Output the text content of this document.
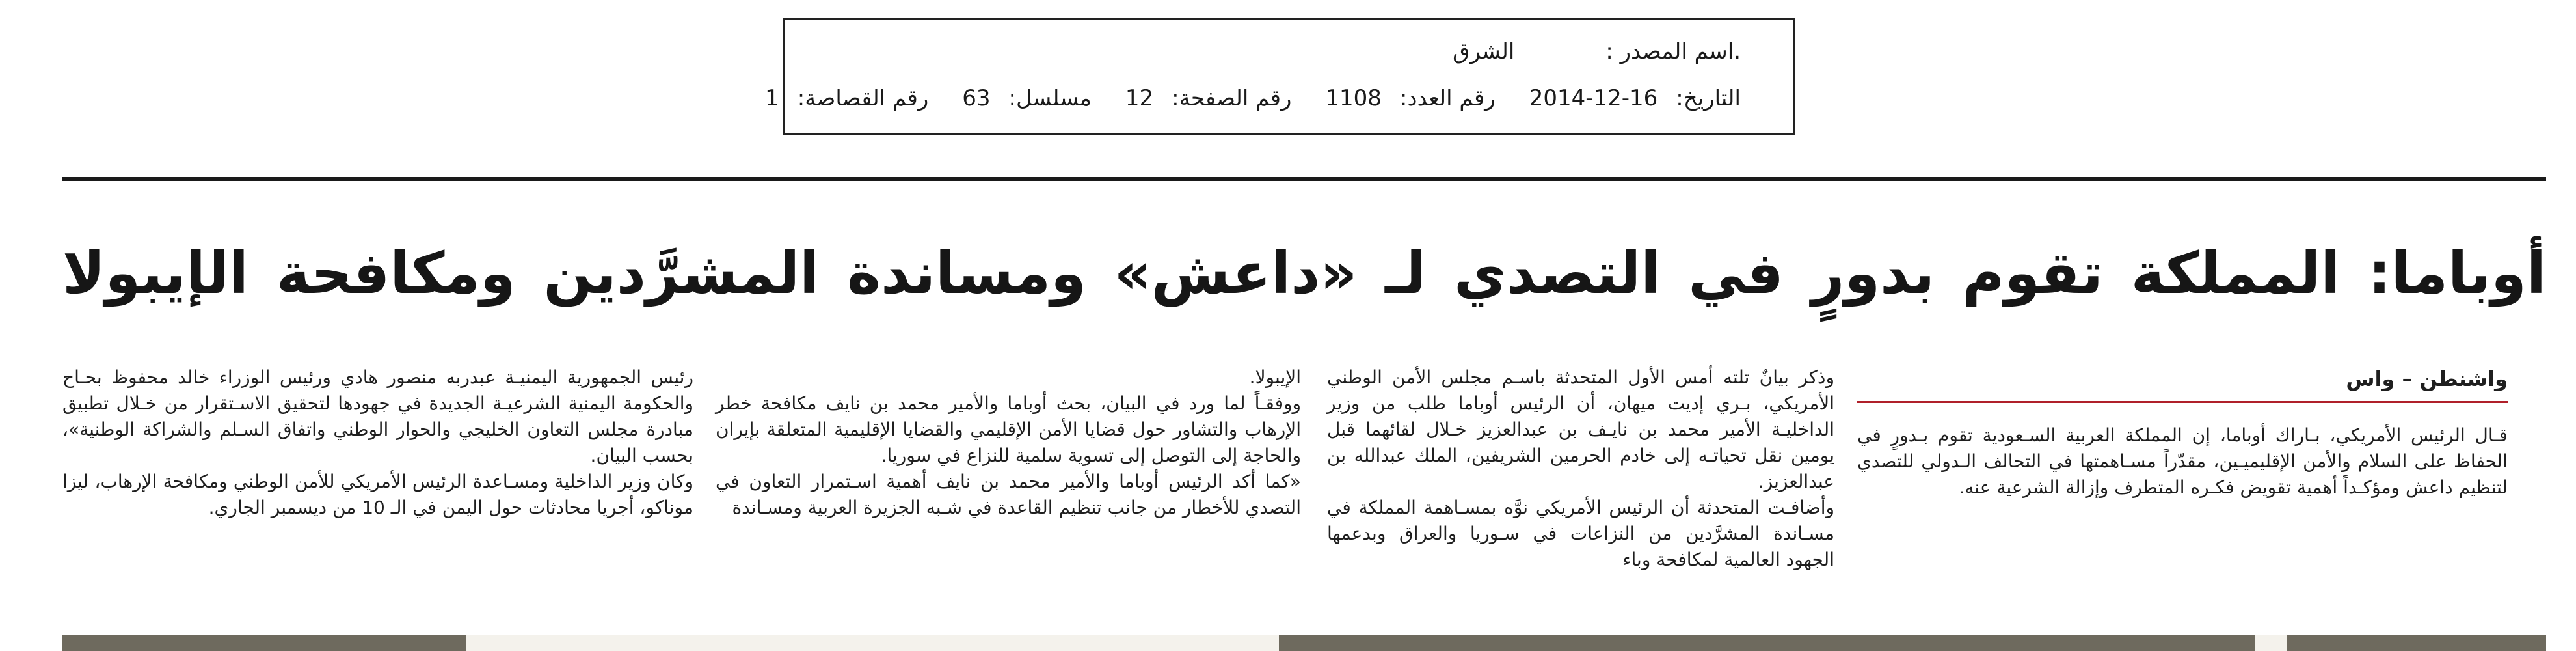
.اسم المصدر :الشرق
التاريخ:2014-12-16رقم العدد:1108رقم الصفحة:12مسلسل:63رقم القصاصة:1
أوباما: المملكة تقوم بدورٍ في التصدي لـ «داعش» ومساندة المشرَّدين ومكافحة الإيبولا
واشنطن – واس

قـال الرئيس الأمريكي، بـاراك أوباما، إن المملكة العربية السـعودية تقوم بـدورٍ في الحفاظ على السلام والأمن الإقليميـين، مقدّراً مسـاهمتها في التحالف الـدولي للتصدي لتنظيم داعش ومؤكـداً أهمية تقويض فكـره المتطرف وإزالة الشرعية عنه.

وذكر بيانٌ تلته أمس الأول المتحدثة باسـم مجلس الأمن الوطني الأمريكي، بـري إديت ميهان، أن الرئيس أوباما طلب من وزير الداخليـة الأمير محمد بن نايـف بن عبدالعزيز خـلال لقائهما قبل يومين نقل تحياتـه إلى خادم الحرمين الشريفين، الملك عبدالله بن عبدالعزيز.

وأضافـت المتحدثة أن الرئيس الأمريكي نوَّه بمسـاهمة المملكة في مسـاندة المشرَّدين من النزاعات في سـوريا والعراق وبدعمها الجهود العالمية لمكافحة وباء

الإيبولا.

ووفقـاً لما ورد في البيان، بحث أوباما والأمير محمد بن نايف مكافحة خطر الإرهاب والتشاور حول قضايا الأمن الإقليمي والقضايا الإقليمية المتعلقة بإيران والحاجة إلى التوصل إلى تسوية سلمية للنزاع في سوريا.

«كما أكد الرئيس أوباما والأمير محمد بن نايف أهمية اسـتمرار التعاون في التصدي للأخطار من جانب تنظيم القاعدة في شـبه الجزيرة العربية ومسـاندة

رئيس الجمهورية اليمنيـة عبدربه منصور هادي ورئيس الوزراء خالد محفوظ بحـاح والحكومة اليمنية الشرعيـة الجديدة في جهودها لتحقيق الاسـتقرار من خـلال تطبيق مبادرة مجلس التعاون الخليجي والحوار الوطني واتفاق السـلم والشراكة الوطنية»، بحسب البيان.

وكان وزير الداخلية ومسـاعدة الرئيس الأمريكي للأمن الوطني ومكافحة الإرهاب، ليزا موناكو، أجريا محادثات حول اليمن في الـ 10 من ديسمبر الجاري.
